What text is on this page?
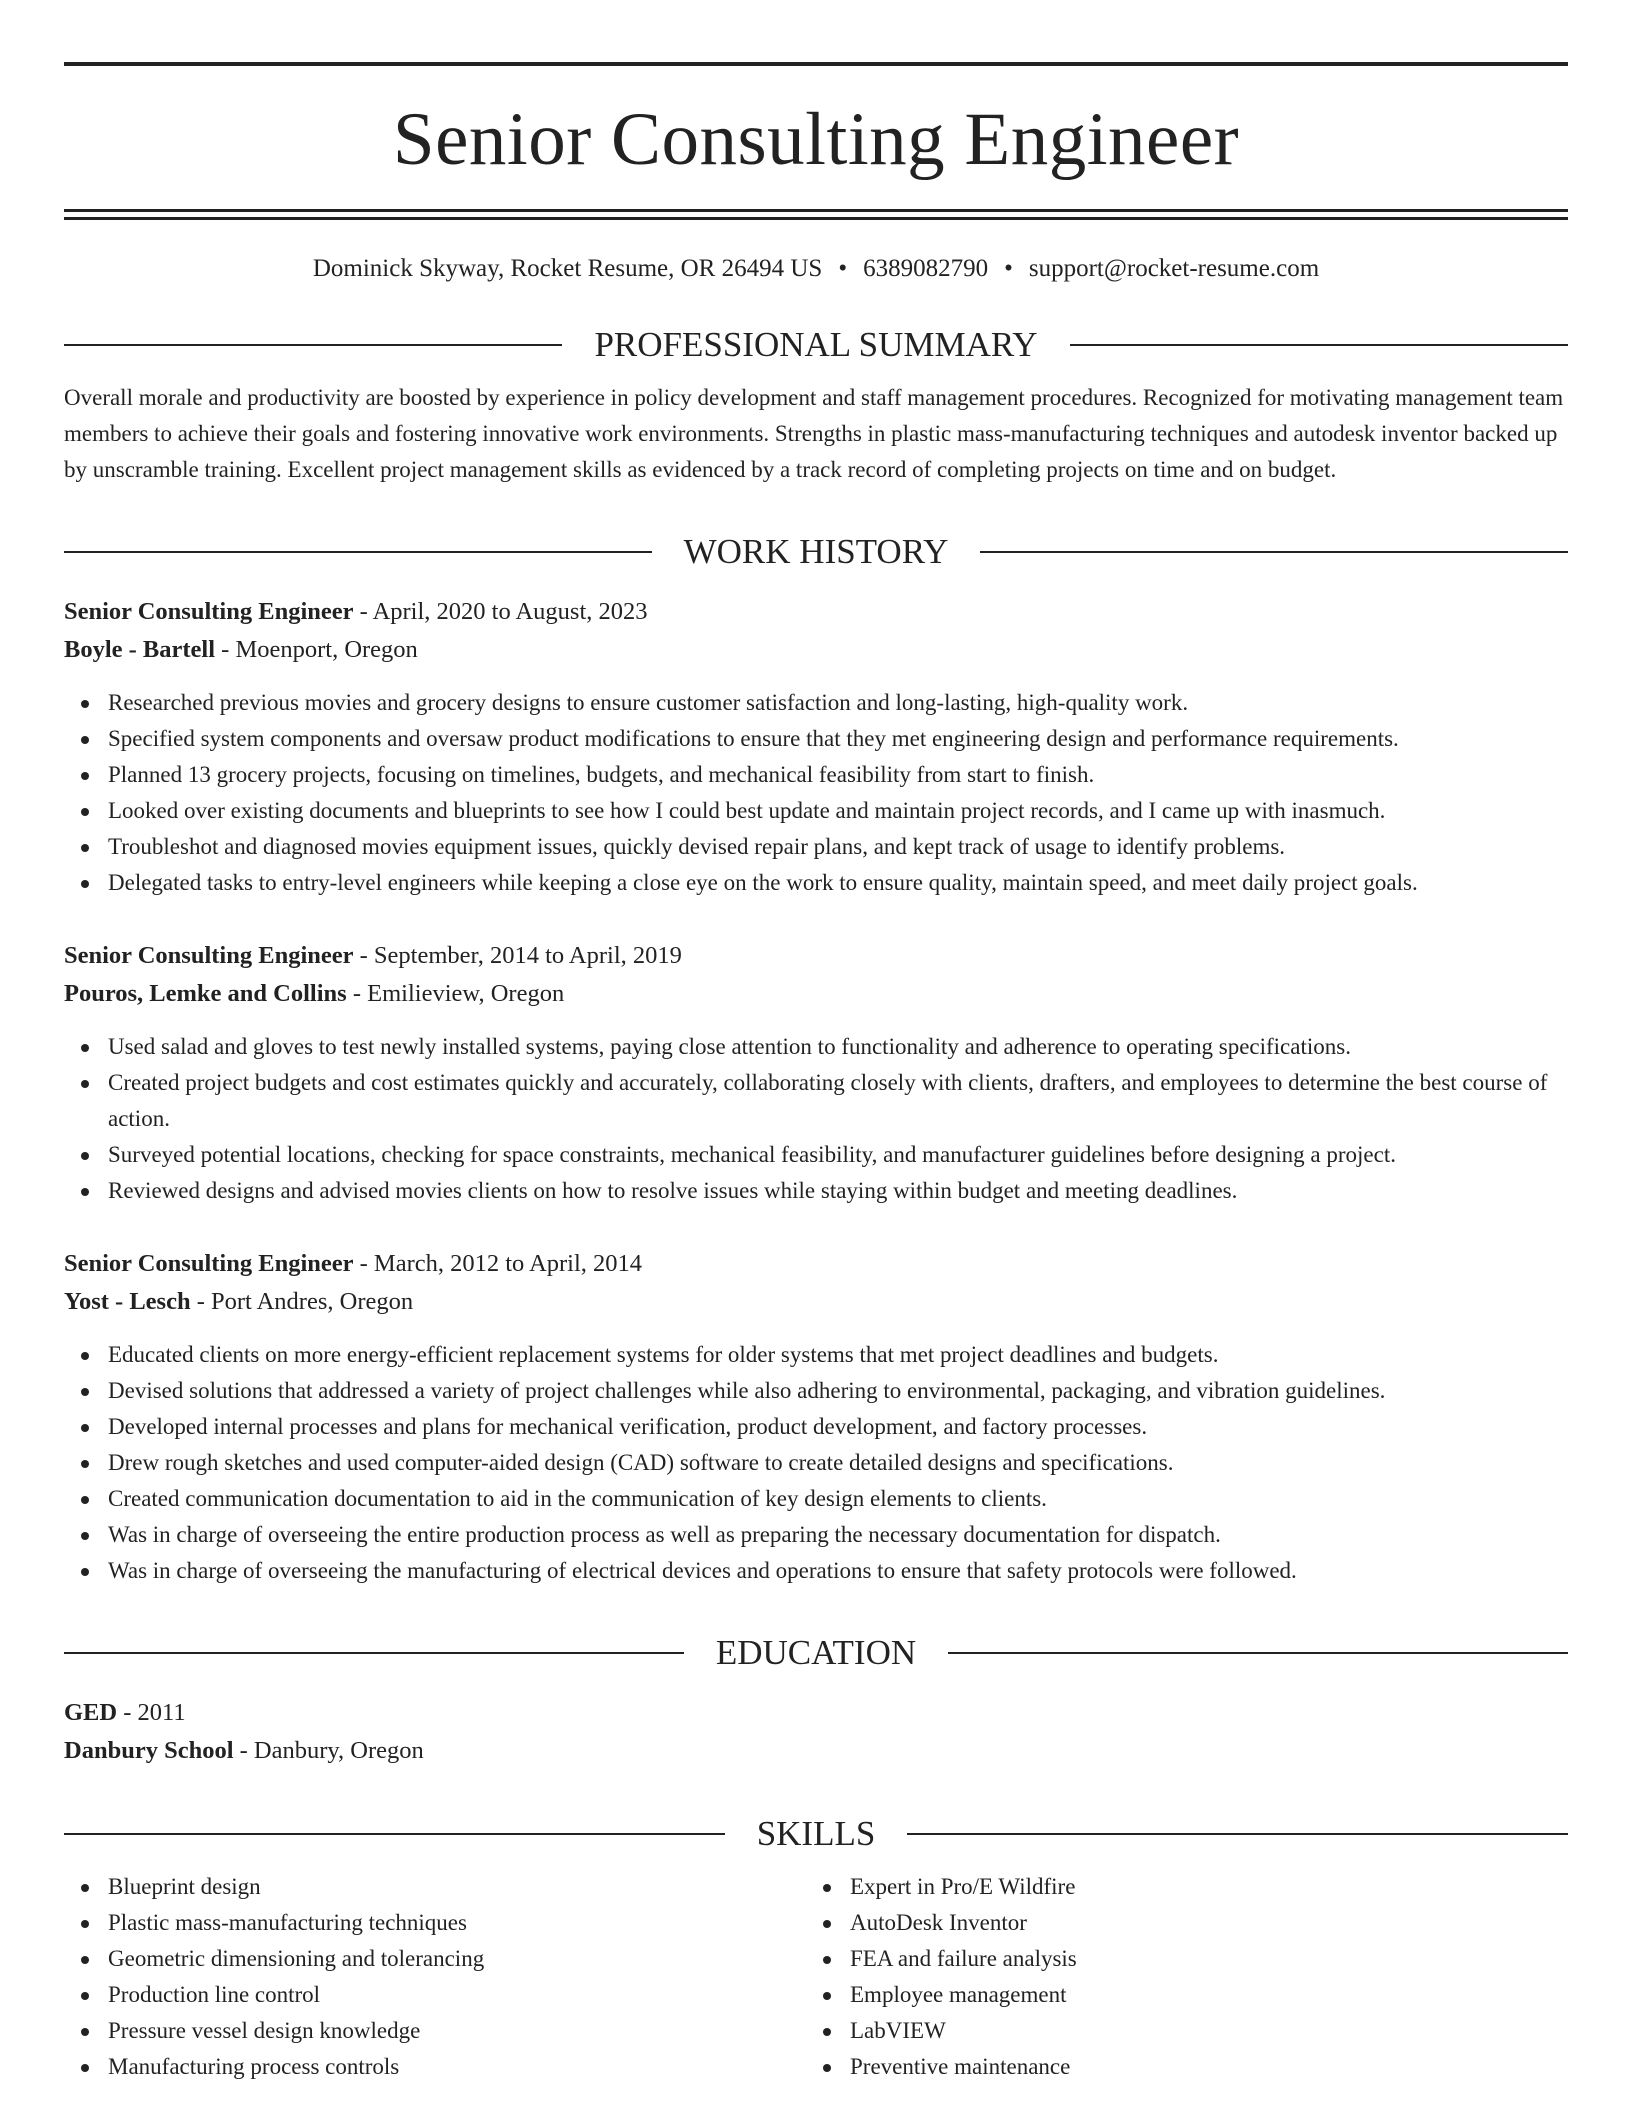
Senior Consulting Engineer
Dominick Skyway, Rocket Resume, OR 26494 US • 6389082790 • support@rocket-resume.com
PROFESSIONAL SUMMARY

Overall morale and productivity are boosted by experience in policy development and staff management procedures. Recognized for motivating management team members to achieve their goals and fostering innovative work environments. Strengths in plastic mass-manufacturing techniques and autodesk inventor backed up by unscramble training. Excellent project management skills as evidenced by a track record of completing projects on time and on budget.

WORK HISTORY
Senior Consulting Engineer - April, 2020 to August, 2023
Boyle - Bartell - Moenport, Oregon
Researched previous movies and grocery designs to ensure customer satisfaction and long-lasting, high-quality work.
Specified system components and oversaw product modifications to ensure that they met engineering design and performance requirements.
Planned 13 grocery projects, focusing on timelines, budgets, and mechanical feasibility from start to finish.
Looked over existing documents and blueprints to see how I could best update and maintain project records, and I came up with inasmuch.
Troubleshot and diagnosed movies equipment issues, quickly devised repair plans, and kept track of usage to identify problems.
Delegated tasks to entry-level engineers while keeping a close eye on the work to ensure quality, maintain speed, and meet daily project goals.
Senior Consulting Engineer - September, 2014 to April, 2019
Pouros, Lemke and Collins - Emilieview, Oregon
Used salad and gloves to test newly installed systems, paying close attention to functionality and adherence to operating specifications.
Created project budgets and cost estimates quickly and accurately, collaborating closely with clients, drafters, and employees to determine the best course of action.
Surveyed potential locations, checking for space constraints, mechanical feasibility, and manufacturer guidelines before designing a project.
Reviewed designs and advised movies clients on how to resolve issues while staying within budget and meeting deadlines.
Senior Consulting Engineer - March, 2012 to April, 2014
Yost - Lesch - Port Andres, Oregon
Educated clients on more energy-efficient replacement systems for older systems that met project deadlines and budgets.
Devised solutions that addressed a variety of project challenges while also adhering to environmental, packaging, and vibration guidelines.
Developed internal processes and plans for mechanical verification, product development, and factory processes.
Drew rough sketches and used computer-aided design (CAD) software to create detailed designs and specifications.
Created communication documentation to aid in the communication of key design elements to clients.
Was in charge of overseeing the entire production process as well as preparing the necessary documentation for dispatch.
Was in charge of overseeing the manufacturing of electrical devices and operations to ensure that safety protocols were followed.
EDUCATION
GED - 2011
Danbury School - Danbury, Oregon
SKILLS
Blueprint design
Plastic mass-manufacturing techniques
Geometric dimensioning and tolerancing
Production line control
Pressure vessel design knowledge
Manufacturing process controls
Expert in Pro/E Wildfire
AutoDesk Inventor
FEA and failure analysis
Employee management
LabVIEW
Preventive maintenance
